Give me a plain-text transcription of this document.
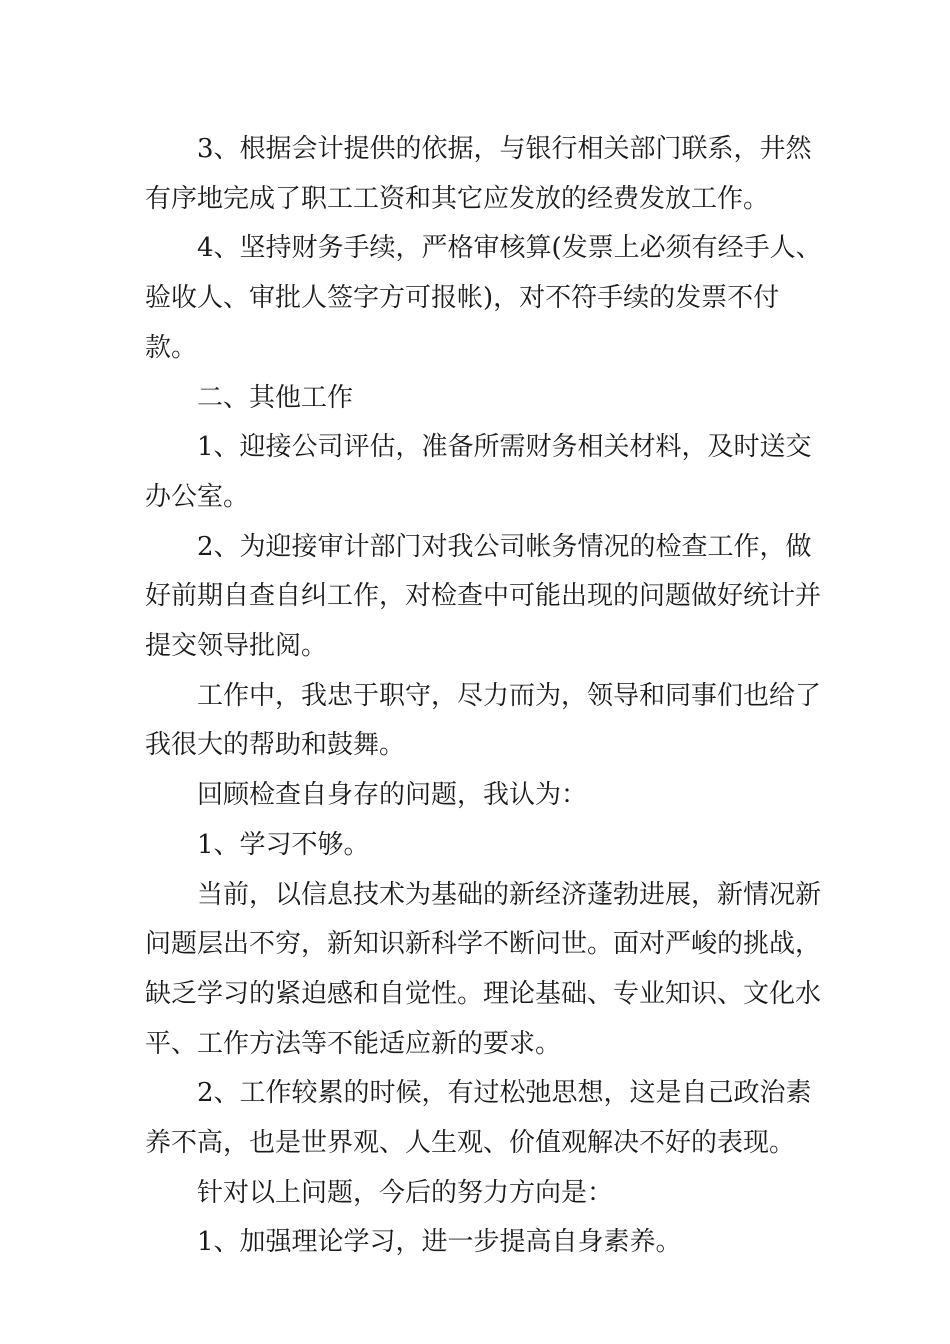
3、根据会计提供的依据，与银行相关部门联系，井然有序地完成了职工工资和其它应发放的经费发放工作。

4、坚持财务手续，严格审核算(发票上必须有经手人、验收人、审批人签字方可报帐)，对不符手续的发票不付款。

二、其他工作

1、迎接公司评估，准备所需财务相关材料，及时送交办公室。

2、为迎接审计部门对我公司帐务情况的检查工作，做好前期自查自纠工作，对检查中可能出现的问题做好统计并提交领导批阅。

工作中，我忠于职守，尽力而为，领导和同事们也给了我很大的帮助和鼓舞。

回顾检查自身存的问题，我认为：

1、学习不够。

当前，以信息技术为基础的新经济蓬勃进展，新情况新问题层出不穷，新知识新科学不断问世。面对严峻的挑战，缺乏学习的紧迫感和自觉性。理论基础、专业知识、文化水平、工作方法等不能适应新的要求。

2、工作较累的时候，有过松弛思想，这是自己政治素养不高，也是世界观、人生观、价值观解决不好的表现。

针对以上问题，今后的努力方向是：

1、加强理论学习，进一步提高自身素养。
